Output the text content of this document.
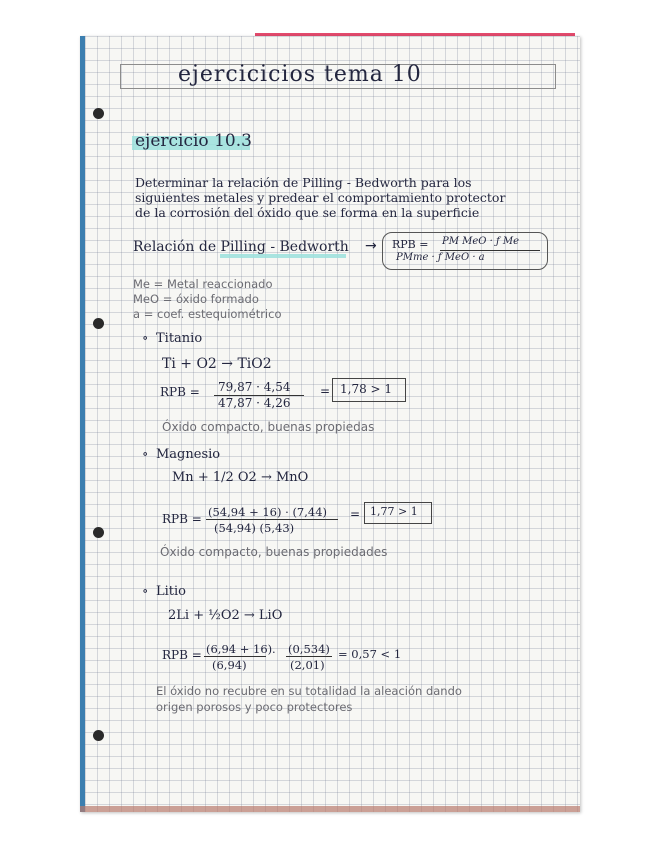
ejercicicios tema 10
ejercicio 10.3
Determinar la relación de Pilling - Bedworth para los
siguientes metales y predear el comportamiento protector
de la corrosión del óxido que se forma en la superficie
Relación de Pilling - Bedworth → RPB = PM MeO · ƒ Me
PMme · ƒ MeO · a
Me = Metal reaccionado
MeO = óxido formado
a = coef. estequiométrico
∘ Titanio
Ti + O2 → TiO2
RPB = 79,87 · 4,54
47,87 · 4,26
= 1,78 > 1
Óxido compacto, buenas propiedas
∘ Magnesio
Mn + 1/2 O2 → MnO
RPB = (54,94 + 16) · (7,44)
(54,94) (5,43)
= 1,77 > 1
Óxido compacto, buenas propiedades
∘ Litio
2Li + ½O2 → LiO
RPB = (6,94 + 16)
(6,94)
· (0,534)
(2,01)
= 0,57 < 1
El óxido no recubre en su totalidad la aleación dando
origen porosos y poco protectores
